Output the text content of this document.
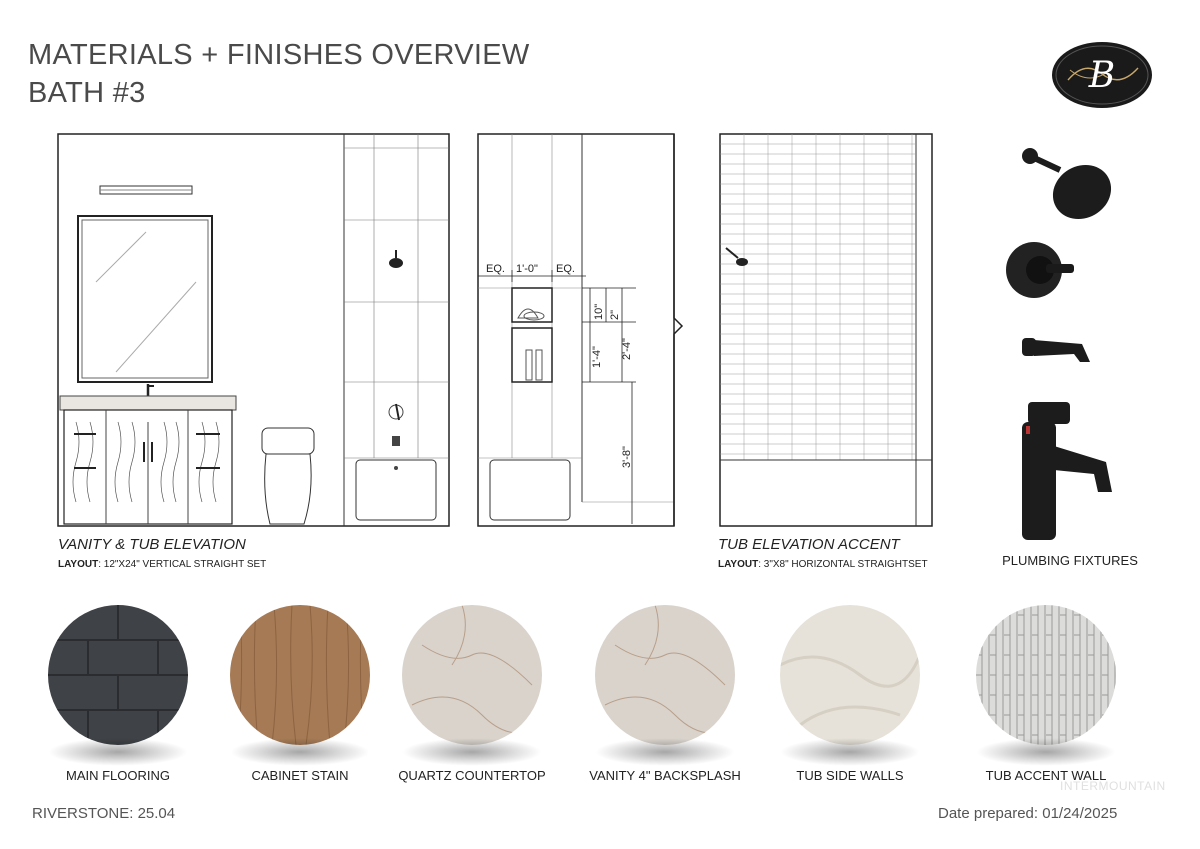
MATERIALS + FINISHES OVERVIEW
BATH #3	B
EQ. 1'-0" EQ.
10" 2"
1'-4" 2'-4"
3'-8"
VANITY & TUB ELEVATION
LAYOUT: 12"X24" VERTICAL STRAIGHT SET
TUB ELEVATION ACCENT
LAYOUT: 3"X8" HORIZONTAL STRAIGHTSET	PLUMBING FIXTURES
MAIN FLOORING	CABINET STAIN	QUARTZ COUNTERTOP	VANITY 4" BACKSPLASH	TUB SIDE WALLS	TUB ACCENT WALL
INTERMOUNTAIN
RIVERSTONE: 25.04	Date prepared: 01/24/2025
